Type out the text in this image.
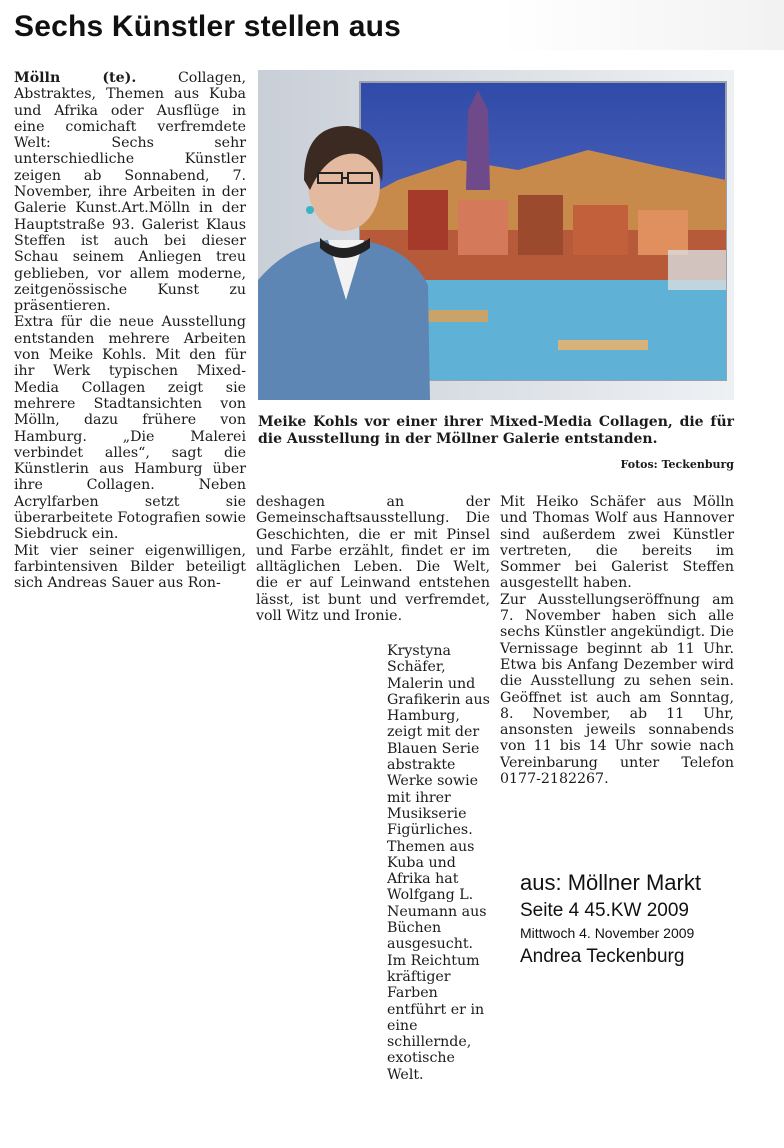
Sechs Künstler stellen aus

Mölln (te).	Collagen, Abstraktes, Themen aus Kuba und Afrika oder Ausflüge in eine comichaft verfremdete Welt: Sechs sehr unterschiedliche Künstler zeigen ab Sonnabend, 7. November, ihre Arbeiten in der Galerie Kunst.Art.Mölln in der Hauptstraße 93. Galerist Klaus Steffen ist auch bei dieser Schau seinem Anliegen treu geblieben, vor allem moderne, zeitgenössische Kunst zu präsentieren.

Extra für die neue Ausstellung entstanden mehrere Arbeiten von Meike Kohls. Mit den für ihr Werk typischen Mixed-Media Collagen zeigt sie mehrere Stadtansichten von Mölln, dazu frühere von Hamburg. „Die Malerei verbindet alles“, sagt die Künstlerin aus Hamburg über ihre Collagen. Neben Acrylfarben setzt sie überarbeitete Fotografien sowie Siebdruck ein.

Mit vier seiner eigenwilligen, farbintensiven Bilder beteiligt sich Andreas Sauer aus Ron-

Meike Kohls vor einer ihrer Mixed-Media Collagen, die für die Ausstellung in der Möllner Galerie entstanden.

Fotos: Teckenburg

deshagen an der Gemeinschaftsausstellung. Die Geschichten, die er mit Pinsel und Farbe erzählt, findet er im alltäglichen Leben. Die Welt, die er auf Leinwand entstehen lässt, ist bunt und verfremdet, voll Witz und Ironie.

Krystyna Schäfer, Malerin und Grafikerin aus Hamburg, zeigt mit der Blauen Serie abstrakte Werke sowie mit ihrer Musikserie Figürliches. Themen aus Kuba und Afrika hat Wolfgang L. Neumann aus Büchen ausgesucht. Im Reichtum kräftiger Farben entführt er in eine schillernde, exotische Welt.

Mit Heiko Schäfer aus Mölln und Thomas Wolf aus Hannover sind außerdem zwei Künstler vertreten, die bereits im Sommer bei Galerist Steffen ausgestellt haben.

Zur Ausstellungseröffnung am 7. November haben sich alle sechs Künstler angekündigt. Die Vernissage beginnt ab 11 Uhr. Etwa bis Anfang Dezember wird die Ausstellung zu sehen sein. Geöffnet ist auch am Sonntag, 8. November, ab 11 Uhr, ansonsten jeweils sonnabends von 11 bis 14 Uhr sowie nach Vereinbarung unter Telefon 0177-2182267.

aus: Möllner Markt
Seite 4 45.KW 2009
Mittwoch 4. November 2009
Andrea Teckenburg
